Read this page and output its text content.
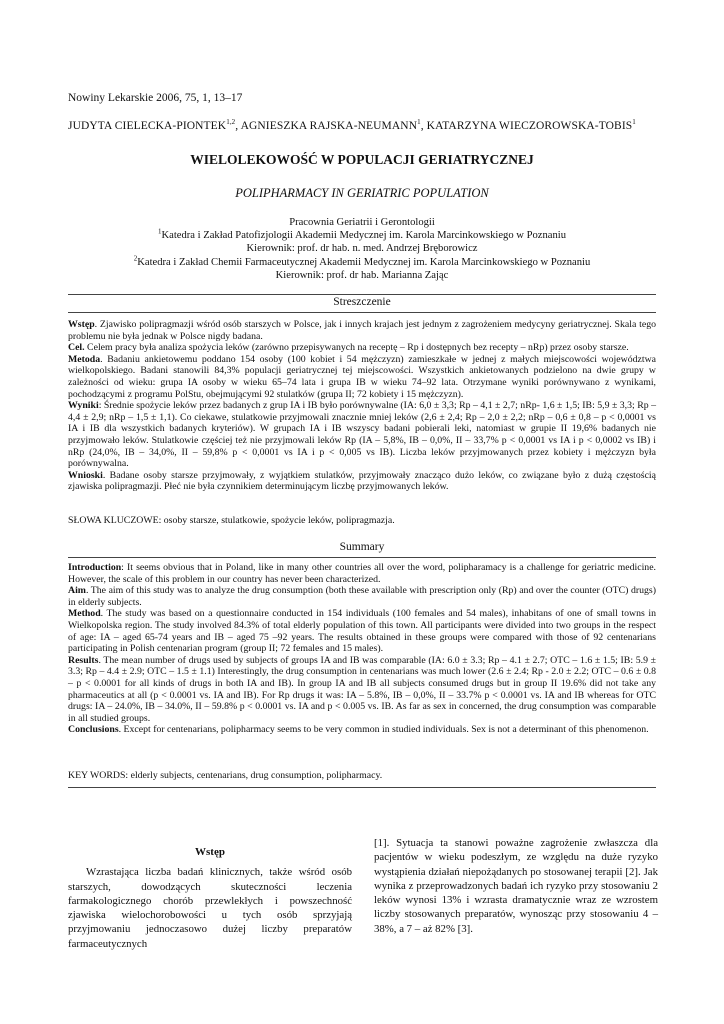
Nowiny Lekarskie 2006, 75, 1, 13–17
JUDYTA CIELECKA-PIONTEK$^{1,2}$, AGNIESZKA RAJSKA-NEUMANN$^1$, KATARZYNA WIECZOROWSKA-TOBIS$^1$
WIELOLEKOWOŚĆ W POPULACJI GERIATRYCZNEJ
POLIPHARMACY IN GERIATRIC POPULATION
Pracownia Geriatrii i Gerontologii
$^1$Katedra i Zakład Patofizjologii Akademii Medycznej im. Karola Marcinkowskiego w Poznaniu
Kierownik: prof. dr hab. n. med. Andrzej Bręborowicz
$^2$Katedra i Zakład Chemii Farmaceutycznej Akademii Medycznej im. Karola Marcinkowskiego w Poznaniu
Kierownik: prof. dr hab. Marianna Zając
Streszczenie

Wstęp. Zjawisko polipragmazji wśród osób starszych w Polsce, jak i innych krajach jest jednym z zagrożeniem medycyny geriatrycznej. Skala tego problemu nie była jednak w Polsce nigdy badana.

Cel. Celem pracy była analiza spożycia leków (zarówno przepisywanych na receptę – Rp i dostępnych bez recepty – nRp) przez osoby starsze.

Metoda. Badaniu ankietowemu poddano 154 osoby (100 kobiet i 54 mężczyzn) zamieszkałe w jednej z małych miejscowości województwa wielkopolskiego. Badani stanowili 84,3% populacji geriatrycznej tej miejscowości. Wszystkich ankietowanych podzielono na dwie grupy w zależności od wieku: grupa IA osoby w wieku 65–74 lata i grupa IB w wieku 74–92 lata. Otrzymane wyniki porównywano z wynikami, pochodzącymi z programu PolStu, obejmującymi 92 stulatków (grupa II; 72 kobiety i 15 mężczyzn).

Wyniki: Średnie spożycie leków przez badanych z grup IA i IB było porównywalne (IA: 6,0 ± 3,3; Rp – 4,1 ± 2,7; nRp- 1,6 ± 1,5; IB: 5,9 ± 3,3; Rp – 4,4 ± 2,9; nRp – 1,5 ± 1,1). Co ciekawe, stulatkowie przyjmowali znacznie mniej leków (2,6 ± 2,4; Rp – 2,0 ± 2,2; nRp – 0,6 ± 0,8 – p < 0,0001 vs IA i IB dla wszystkich badanych kryteriów). W grupach IA i IB wszyscy badani pobierali leki, natomiast w grupie II 19,6% badanych nie przyjmowało leków. Stulatkowie częściej też nie przyjmowali leków Rp (IA – 5,8%, IB – 0,0%, II – 33,7% p < 0,0001 vs IA i p < 0,0002 vs IB) i nRp (24,0%, IB – 34,0%, II – 59,8% p < 0,0001 vs IA i p < 0,005 vs IB). Liczba leków przyjmowanych przez kobiety i mężczyzn była porównywalna.

Wnioski. Badane osoby starsze przyjmowały, z wyjątkiem stulatków, przyjmowały znacząco dużo leków, co związane było z dużą częstością zjawiska polipragmazji. Płeć nie była czynnikiem determinującym liczbę przyjmowanych leków.

SŁOWA KLUCZOWE: osoby starsze, stulatkowie, spożycie leków, polipragmazja.
Summary

Introduction: It seems obvious that in Poland, like in many other countries all over the word, polipharamacy is a challenge for geriatric medicine. However, the scale of this problem in our country has never been characterized.

Aim. The aim of this study was to analyze the drug consumption (both these available with prescription only (Rp) and over the counter (OTC) drugs) in elderly subjects.

Method. The study was based on a questionnaire conducted in 154 individuals (100 females and 54 males), inhabitans of one of small towns in Wielkopolska region. The study involved 84.3% of total elderly population of this town. All participants were divided into two groups in the respect of age: IA – aged 65-74 years and IB – aged 75 –92 years. The results obtained in these groups were compared with those of 92 centenarians participating in Polish centenarian program (group II; 72 females and 15 males).

Results. The mean number of drugs used by subjects of groups IA and IB was comparable (IA: 6.0 ± 3.3; Rp – 4.1 ± 2.7; OTC – 1.6 ± 1.5; IB: 5.9 ± 3.3; Rp – 4.4 ± 2.9; OTC – 1.5 ± 1.1) Interestingly, the drug consumption in centenarians was much lower (2.6 ± 2.4; Rp - 2.0 ± 2.2; OTC – 0.6 ± 0.8 – p < 0.0001 for all kinds of drugs in both IA and IB). In group IA and IB all subjects consumed drugs but in group II 19.6% did not take any pharmaceutics at all (p < 0.0001 vs. IA and IB). For Rp drugs it was: IA – 5.8%, IB – 0,0%, II – 33.7% p < 0.0001 vs. IA and IB whereas for OTC drugs: IA – 24.0%, IB – 34.0%, II – 59.8% p < 0.0001 vs. IA and p < 0.005 vs. IB. As far as sex in concerned, the drug consumption was comparable in all studied groups.

Conclusions. Except for centenarians, polipharmacy seems to be very common in studied individuals. Sex is not a determinant of this phenomenon.

KEY WORDS: elderly subjects, centenarians, drug consumption, polipharmacy.

Wstęp

Wzrastająca liczba badań klinicznych, także wśród osób starszych, dowodzących skuteczności leczenia farmakologicznego chorób przewlekłych i powszechność zjawiska wielochorobowości u tych osób sprzyjają przyjmowaniu jednoczasowo dużej liczby preparatów farmaceutycznych

[1]. Sytuacja ta stanowi poważne zagrożenie zwłaszcza dla pacjentów w wieku podeszłym, ze względu na duże ryzyko wystąpienia działań niepożądanych po stosowanej terapii [2]. Jak wynika z przeprowadzonych badań ich ryzyko przy stosowaniu 2 leków wynosi 13% i wzrasta dramatycznie wraz ze wzrostem liczby stosowanych preparatów, wynosząc przy stosowaniu 4 – 38%, a 7 – aż 82% [3].
